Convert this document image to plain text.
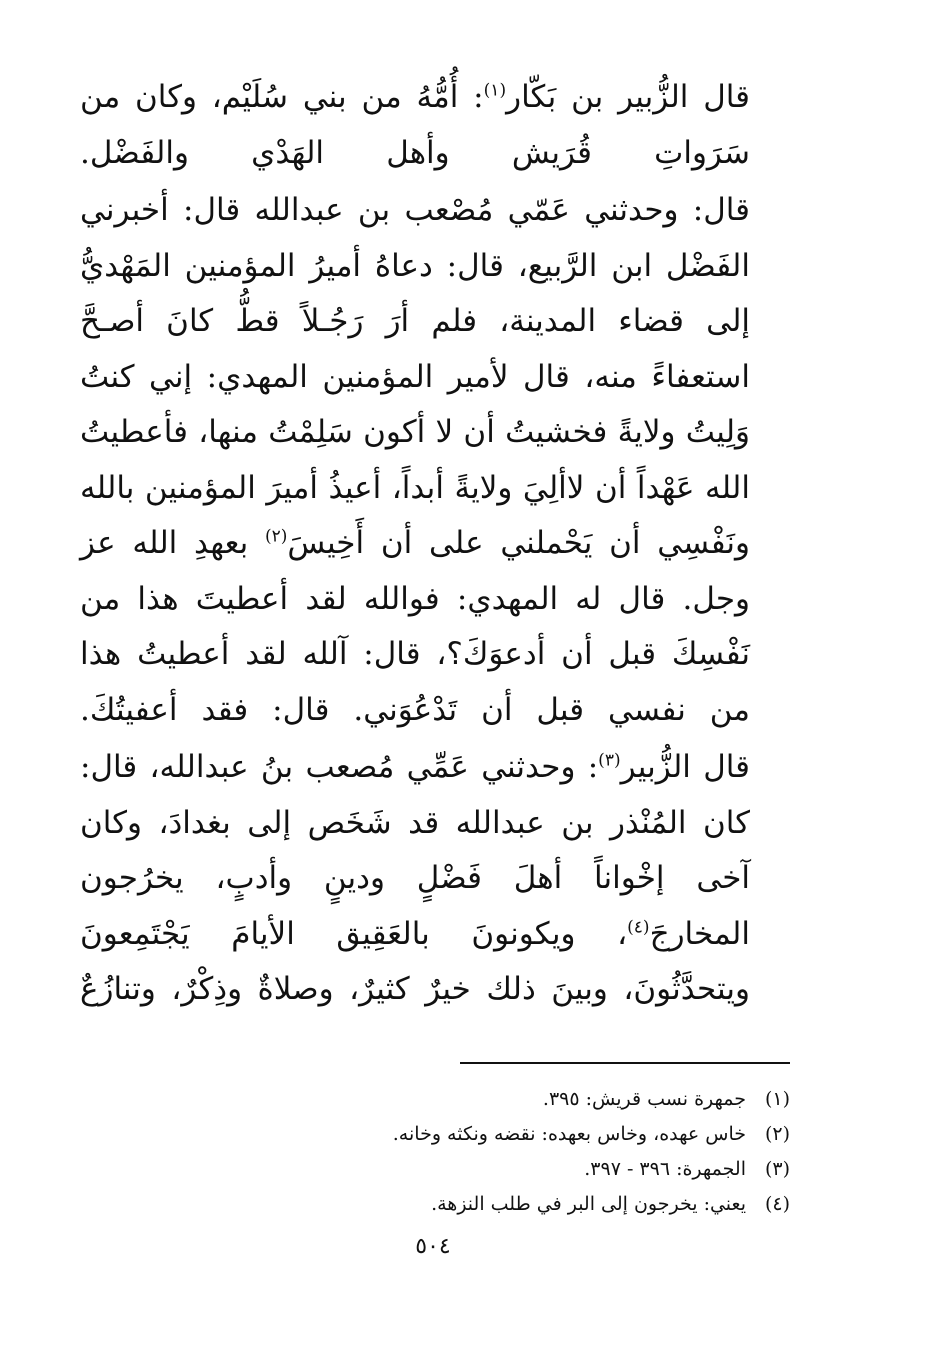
قال الزُّبير بن بَكّار$^{(١)}$: أُمُّهُ من بني سُلَيْم، وكان من سَرَواتِ قُرَيش وأهل الهَدْي والفَضْل.

قال: وحدثني عَمّي مُصْعب بن عبدالله قال: أخبرني الفَضْل ابن الرَّبيع، قال: دعاهُ أميرُ المؤمنين المَهْديُّ إلى قضاء المدينة، فلم أرَ رَجُـلاً قطُّ كانَ أصـحَّ استعفاءً منه، قال لأمير المؤمنين المهدي: إني كنتُ وَلِيتُ ولايةً فخشيتُ أن لا أكون سَلِمْتُ منها، فأعطيتُ الله عَهْداً أن لاألِيَ ولايةً أبداً، أعيذُ أميرَ المؤمنين بالله ونَفْسِي أن يَحْملني على أن أَخِيسَ$^{(٢)}$ بعهدِ الله عز وجل. قال له المهدي: فوالله لقد أعطيتَ هذا من نَفْسِكَ قبل أن أدعوَكَ؟، قال: آلله لقد أعطيتُ هذا من نفسي قبل أن تَدْعُوَني. قال: فقد أعفيتُكَ.

قال الزُّبير$^{(٣)}$: وحدثني عَمِّي مُصعب بنُ عبدالله، قال: كان المُنْذر بن عبدالله قد شَخَص إلى بغدادَ، وكان آخى إخْواناً أهلَ فَضْلٍ ودينٍ وأدبٍ، يخرُجون المخارجَ$^{(٤)}$، ويكونونَ بالعَقِيق الأيامَ يَجْتَمِعونَ ويتحدَّثُونَ، وبينَ ذلك خيرٌ كثيرٌ، وصلاةٌ وذِكْرٌ، وتنازُعٌ

(١)
جمهرة نسب قريش: ٣٩٥.
(٢)
خاس عهده، وخاس بعهده: نقضه ونكثه وخانه.
(٣)
الجمهرة: ٣٩٦ - ٣٩٧.
(٤)
يعني: يخرجون إلى البر في طلب النزهة.
٥٠٤
